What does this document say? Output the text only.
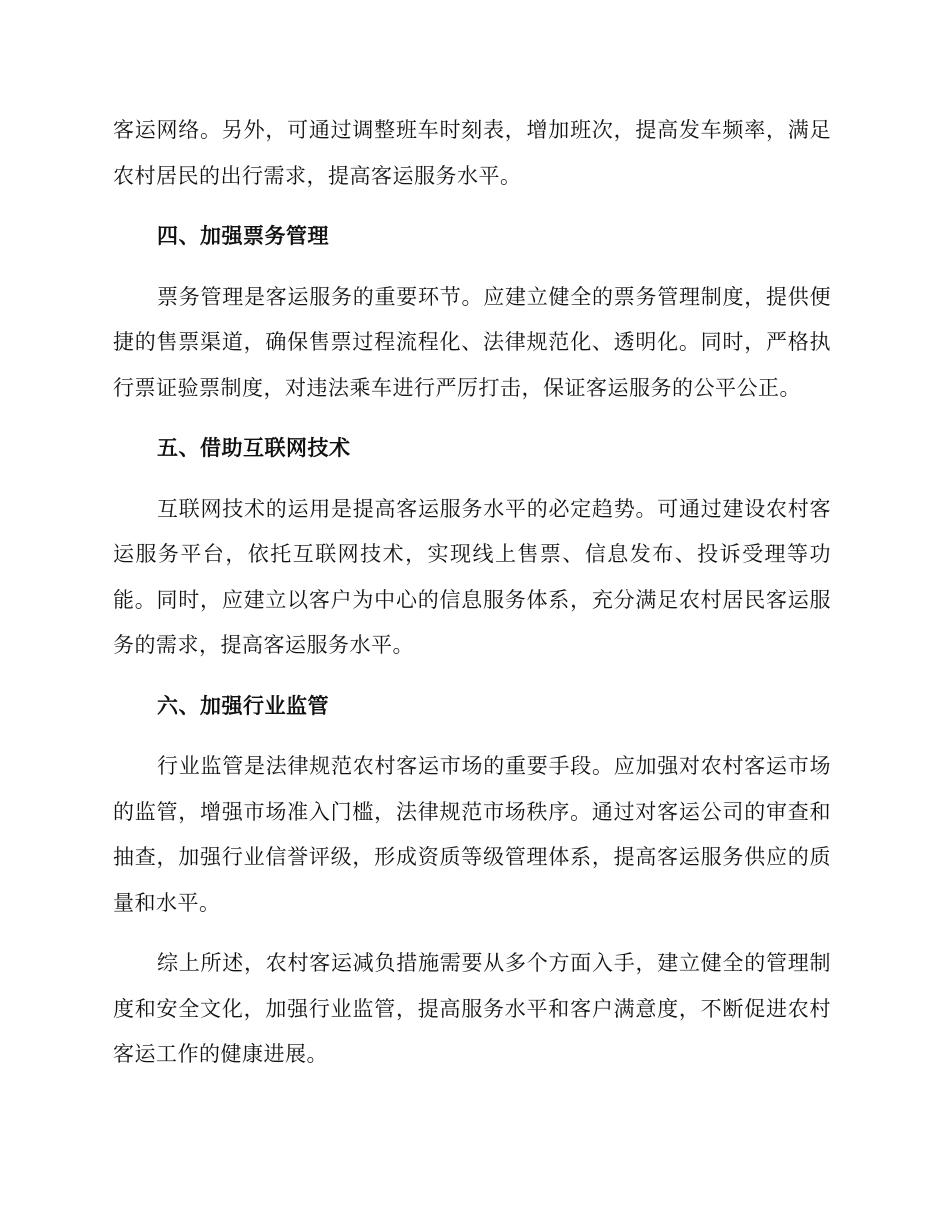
客运网络。另外，可通过调整班车时刻表，增加班次，提高发车频率，满足农村居民的出行需求，提高客运服务水平。

四、加强票务管理

票务管理是客运服务的重要环节。应建立健全的票务管理制度，提供便捷的售票渠道，确保售票过程流程化、法律规范化、透明化。同时，严格执行票证验票制度，对违法乘车进行严厉打击，保证客运服务的公平公正。

五、借助互联网技术

互联网技术的运用是提高客运服务水平的必定趋势。可通过建设农村客运服务平台，依托互联网技术，实现线上售票、信息发布、投诉受理等功能。同时，应建立以客户为中心的信息服务体系，充分满足农村居民客运服务的需求，提高客运服务水平。

六、加强行业监管

行业监管是法律规范农村客运市场的重要手段。应加强对农村客运市场的监管，增强市场准入门槛，法律规范市场秩序。通过对客运公司的审查和抽查，加强行业信誉评级，形成资质等级管理体系，提高客运服务供应的质量和水平。

综上所述，农村客运减负措施需要从多个方面入手，建立健全的管理制度和安全文化，加强行业监管，提高服务水平和客户满意度，不断促进农村客运工作的健康进展。
